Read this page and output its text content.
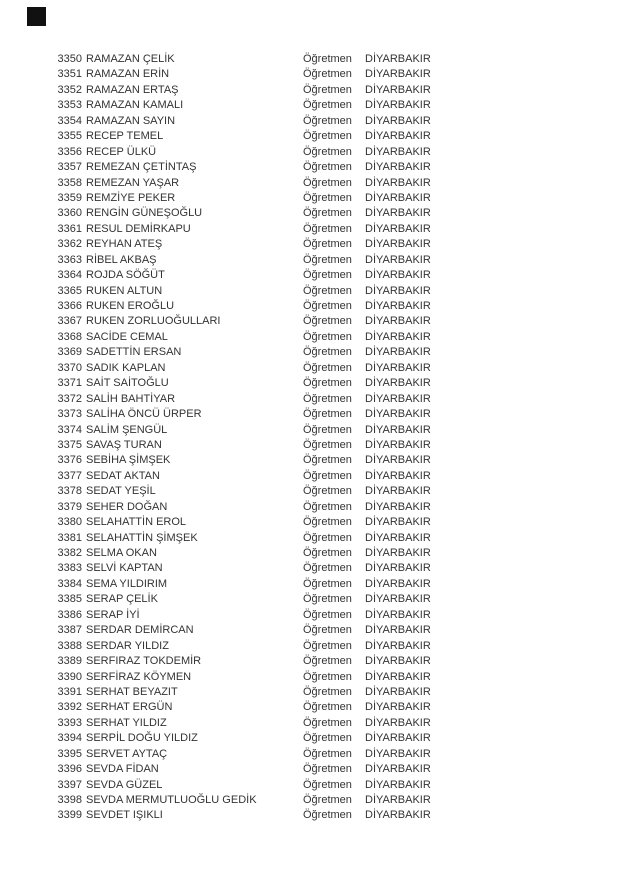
3350 RAMAZAN ÇELİK	Öğretmen	DİYARBAKIR
3351 RAMAZAN ERİN	Öğretmen	DİYARBAKIR
3352 RAMAZAN ERTAŞ	Öğretmen	DİYARBAKIR
3353 RAMAZAN KAMALI	Öğretmen	DİYARBAKIR
3354 RAMAZAN SAYIN	Öğretmen	DİYARBAKIR
3355 RECEP TEMEL	Öğretmen	DİYARBAKIR
3356 RECEP ÜLKÜ	Öğretmen	DİYARBAKIR
3357 REMEZAN ÇETİNTAŞ	Öğretmen	DİYARBAKIR
3358 REMEZAN YAŞAR	Öğretmen	DİYARBAKIR
3359 REMZİYE PEKER	Öğretmen	DİYARBAKIR
3360 RENGİN GÜNEŞOĞLU	Öğretmen	DİYARBAKIR
3361 RESUL DEMİRKAPU	Öğretmen	DİYARBAKIR
3362 REYHAN ATEŞ	Öğretmen	DİYARBAKIR
3363 RİBEL AKBAŞ	Öğretmen	DİYARBAKIR
3364 ROJDA SÖĞÜT	Öğretmen	DİYARBAKIR
3365 RUKEN ALTUN	Öğretmen	DİYARBAKIR
3366 RUKEN EROĞLU	Öğretmen	DİYARBAKIR
3367 RUKEN ZORLUOĞULLARI	Öğretmen	DİYARBAKIR
3368 SACİDE CEMAL	Öğretmen	DİYARBAKIR
3369 SADETTİN ERSAN	Öğretmen	DİYARBAKIR
3370 SADIK KAPLAN	Öğretmen	DİYARBAKIR
3371 SAİT SAİTOĞLU	Öğretmen	DİYARBAKIR
3372 SALİH BAHTİYAR	Öğretmen	DİYARBAKIR
3373 SALİHA ÖNCÜ ÜRPER	Öğretmen	DİYARBAKIR
3374 SALİM ŞENGÜL	Öğretmen	DİYARBAKIR
3375 SAVAŞ TURAN	Öğretmen	DİYARBAKIR
3376 SEBİHA ŞİMŞEK	Öğretmen	DİYARBAKIR
3377 SEDAT AKTAN	Öğretmen	DİYARBAKIR
3378 SEDAT YEŞİL	Öğretmen	DİYARBAKIR
3379 SEHER DOĞAN	Öğretmen	DİYARBAKIR
3380 SELAHATTİN EROL	Öğretmen	DİYARBAKIR
3381 SELAHATTİN ŞİMŞEK	Öğretmen	DİYARBAKIR
3382 SELMA OKAN	Öğretmen	DİYARBAKIR
3383 SELVİ KAPTAN	Öğretmen	DİYARBAKIR
3384 SEMA YILDIRIM	Öğretmen	DİYARBAKIR
3385 SERAP ÇELİK	Öğretmen	DİYARBAKIR
3386 SERAP İYİ	Öğretmen	DİYARBAKIR
3387 SERDAR DEMİRCAN	Öğretmen	DİYARBAKIR
3388 SERDAR YILDIZ	Öğretmen	DİYARBAKIR
3389 SERFIRAZ TOKDEMİR	Öğretmen	DİYARBAKIR
3390 SERFİRAZ KÖYMEN	Öğretmen	DİYARBAKIR
3391 SERHAT BEYAZIT	Öğretmen	DİYARBAKIR
3392 SERHAT ERGÜN	Öğretmen	DİYARBAKIR
3393 SERHAT YILDIZ	Öğretmen	DİYARBAKIR
3394 SERPİL DOĞU YILDIZ	Öğretmen	DİYARBAKIR
3395 SERVET AYTAÇ	Öğretmen	DİYARBAKIR
3396 SEVDA FİDAN	Öğretmen	DİYARBAKIR
3397 SEVDA GÜZEL	Öğretmen	DİYARBAKIR
3398 SEVDA MERMUTLUOĞLU GEDİK	Öğretmen	DİYARBAKIR
3399 SEVDET IŞIKLI	Öğretmen	DİYARBAKIR
